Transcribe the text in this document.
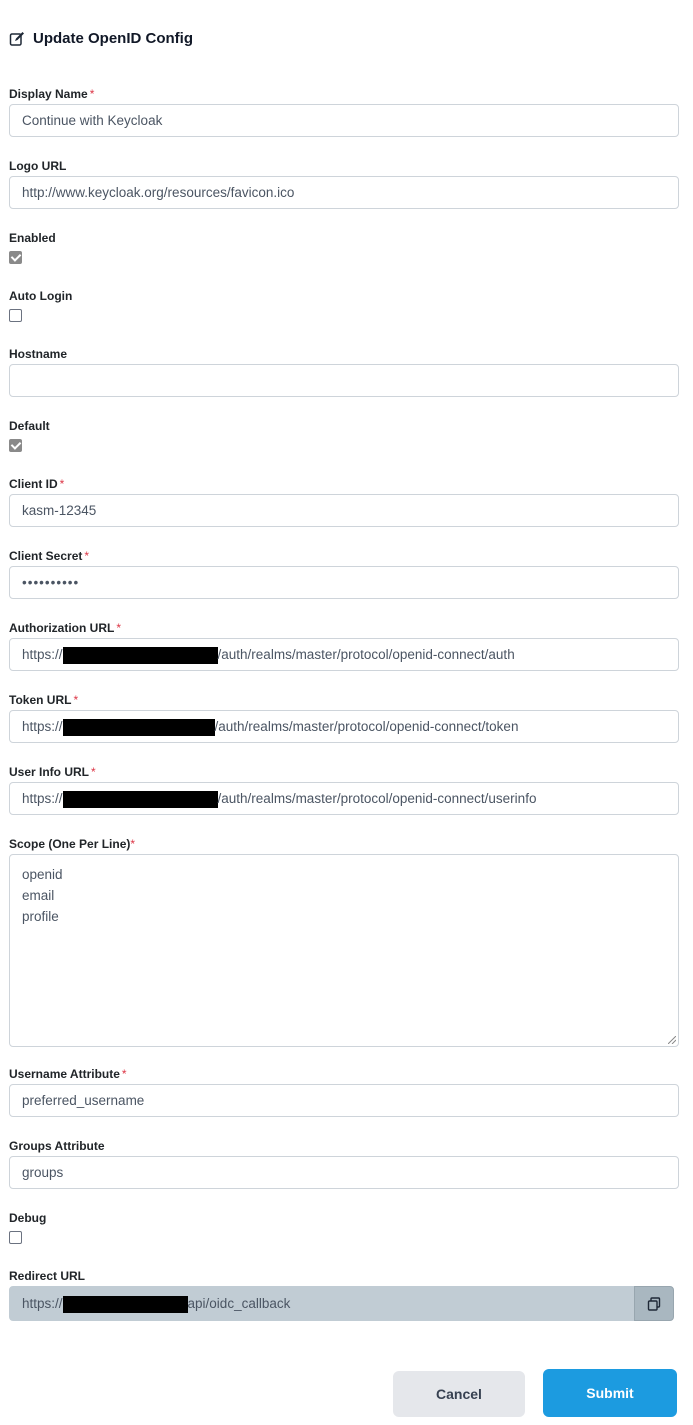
Update OpenID Config
Display Name *
Continue with Keycloak
Logo URL
http://www.keycloak.org/resources/favicon.ico
Enabled
Auto Login
Hostname
Default
Client ID *
kasm-12345
Client Secret *
••••••••••
Authorization URL *
https://	/auth/realms/master/protocol/openid-connect/auth
Token URL *
https://	/auth/realms/master/protocol/openid-connect/token
User Info URL *
https://	/auth/realms/master/protocol/openid-connect/userinfo
Scope (One Per Line)*
openid
email
profile
Username Attribute *
preferred_username
Groups Attribute
groups
Debug
Redirect URL
https://	api/oidc_callback
Cancel	Submit
